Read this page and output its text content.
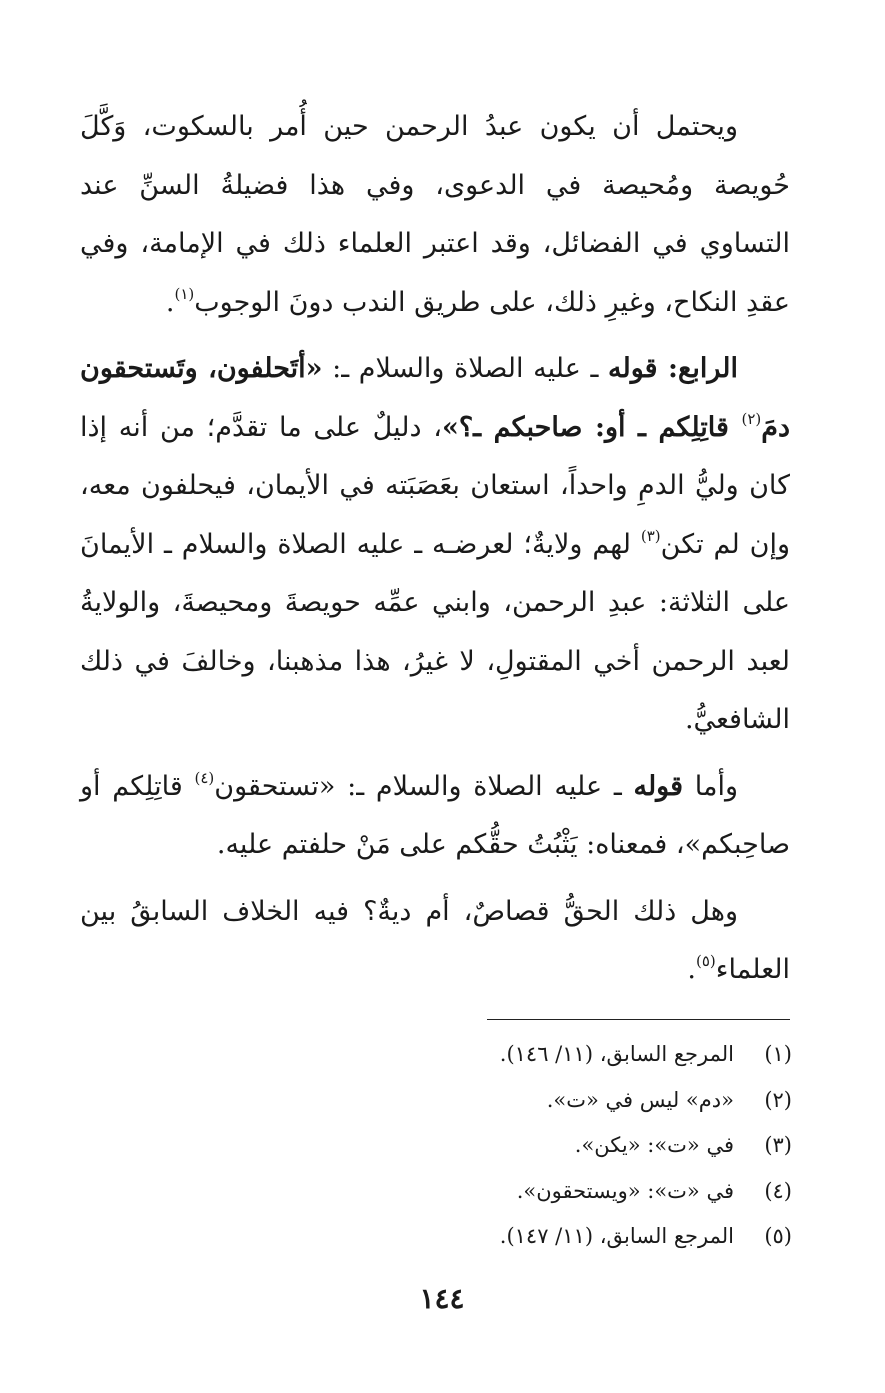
ويحتمل أن يكون عبدُ الرحمن حين أُمر بالسكوت، وَكَّلَ حُويصة ومُحيصة في الدعوى، وفي هذا فضيلةُ السنِّ عند التساوي في الفضائل، وقد اعتبر العلماء ذلك في الإمامة، وفي عقدِ النكاح، وغيرِ ذلك، على طريق الندب دونَ الوجوب$^{(١)}$.

الرابع: قوله ـ عليه الصلاة والسلام ـ: «أتَحلفون، وتَستحقون دمَ$^{(٢)}$ قاتِلِكم ـ أو: صاحبكم ـ؟»، دليلٌ على ما تقدَّم؛ من أنه إذا كان وليُّ الدمِ واحداً، استعان بعَصَبَته في الأيمان، فيحلفون معه، وإن لم تكن$^{(٣)}$ لهم ولايةٌ؛ لعرضـه ـ عليه الصلاة والسلام ـ الأيمانَ على الثلاثة: عبدِ الرحمن، وابني عمِّه حويصةَ ومحيصةَ، والولايةُ لعبد الرحمن أخي المقتولِ، لا غيرُ، هذا مذهبنا، وخالفَ في ذلك الشافعيُّ.

وأما قوله ـ عليه الصلاة والسلام ـ: «تستحقون$^{(٤)}$ قاتِلِكم أو صاحِبكم»، فمعناه: يَثْبُتُ حقُّكم على مَنْ حلفتم عليه.

وهل ذلك الحقُّ قصاصٌ، أم ديةٌ؟ فيه الخلاف السابقُ بين العلماء$^{(٥)}$.

(١)
المرجع السابق، (١١/ ١٤٦).
(٢)
«دم» ليس في «ت».
(٣)
في «ت»: «يكن».
(٤)
في «ت»: «ويستحقون».
(٥)
المرجع السابق، (١١/ ١٤٧).
١٤٤
